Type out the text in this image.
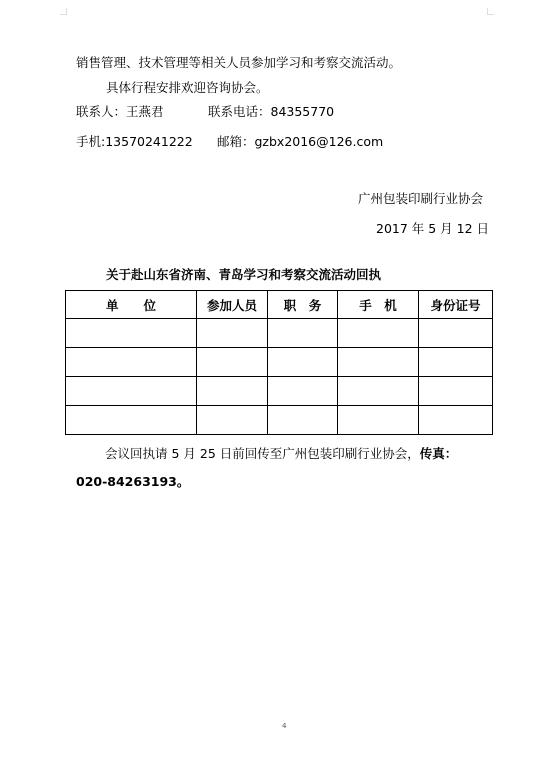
销售管理、技术管理等相关人员参加学习和考察交流活动。
具体行程安排欢迎咨询协会。
联系人：王燕君	联系电话：84355770
手机:13570241222 邮箱：gzbx2016@126.com
广州包装印刷行业协会
2017 年 5 月 12 日
关于赴山东省济南、青岛学习和考察交流活动回执
单　　位	参加人员	职　务	手　机	身份证号

会议回执请 5 月 25 日前回传至广州包装印刷行业协会，传真：
020-84263193。
4
